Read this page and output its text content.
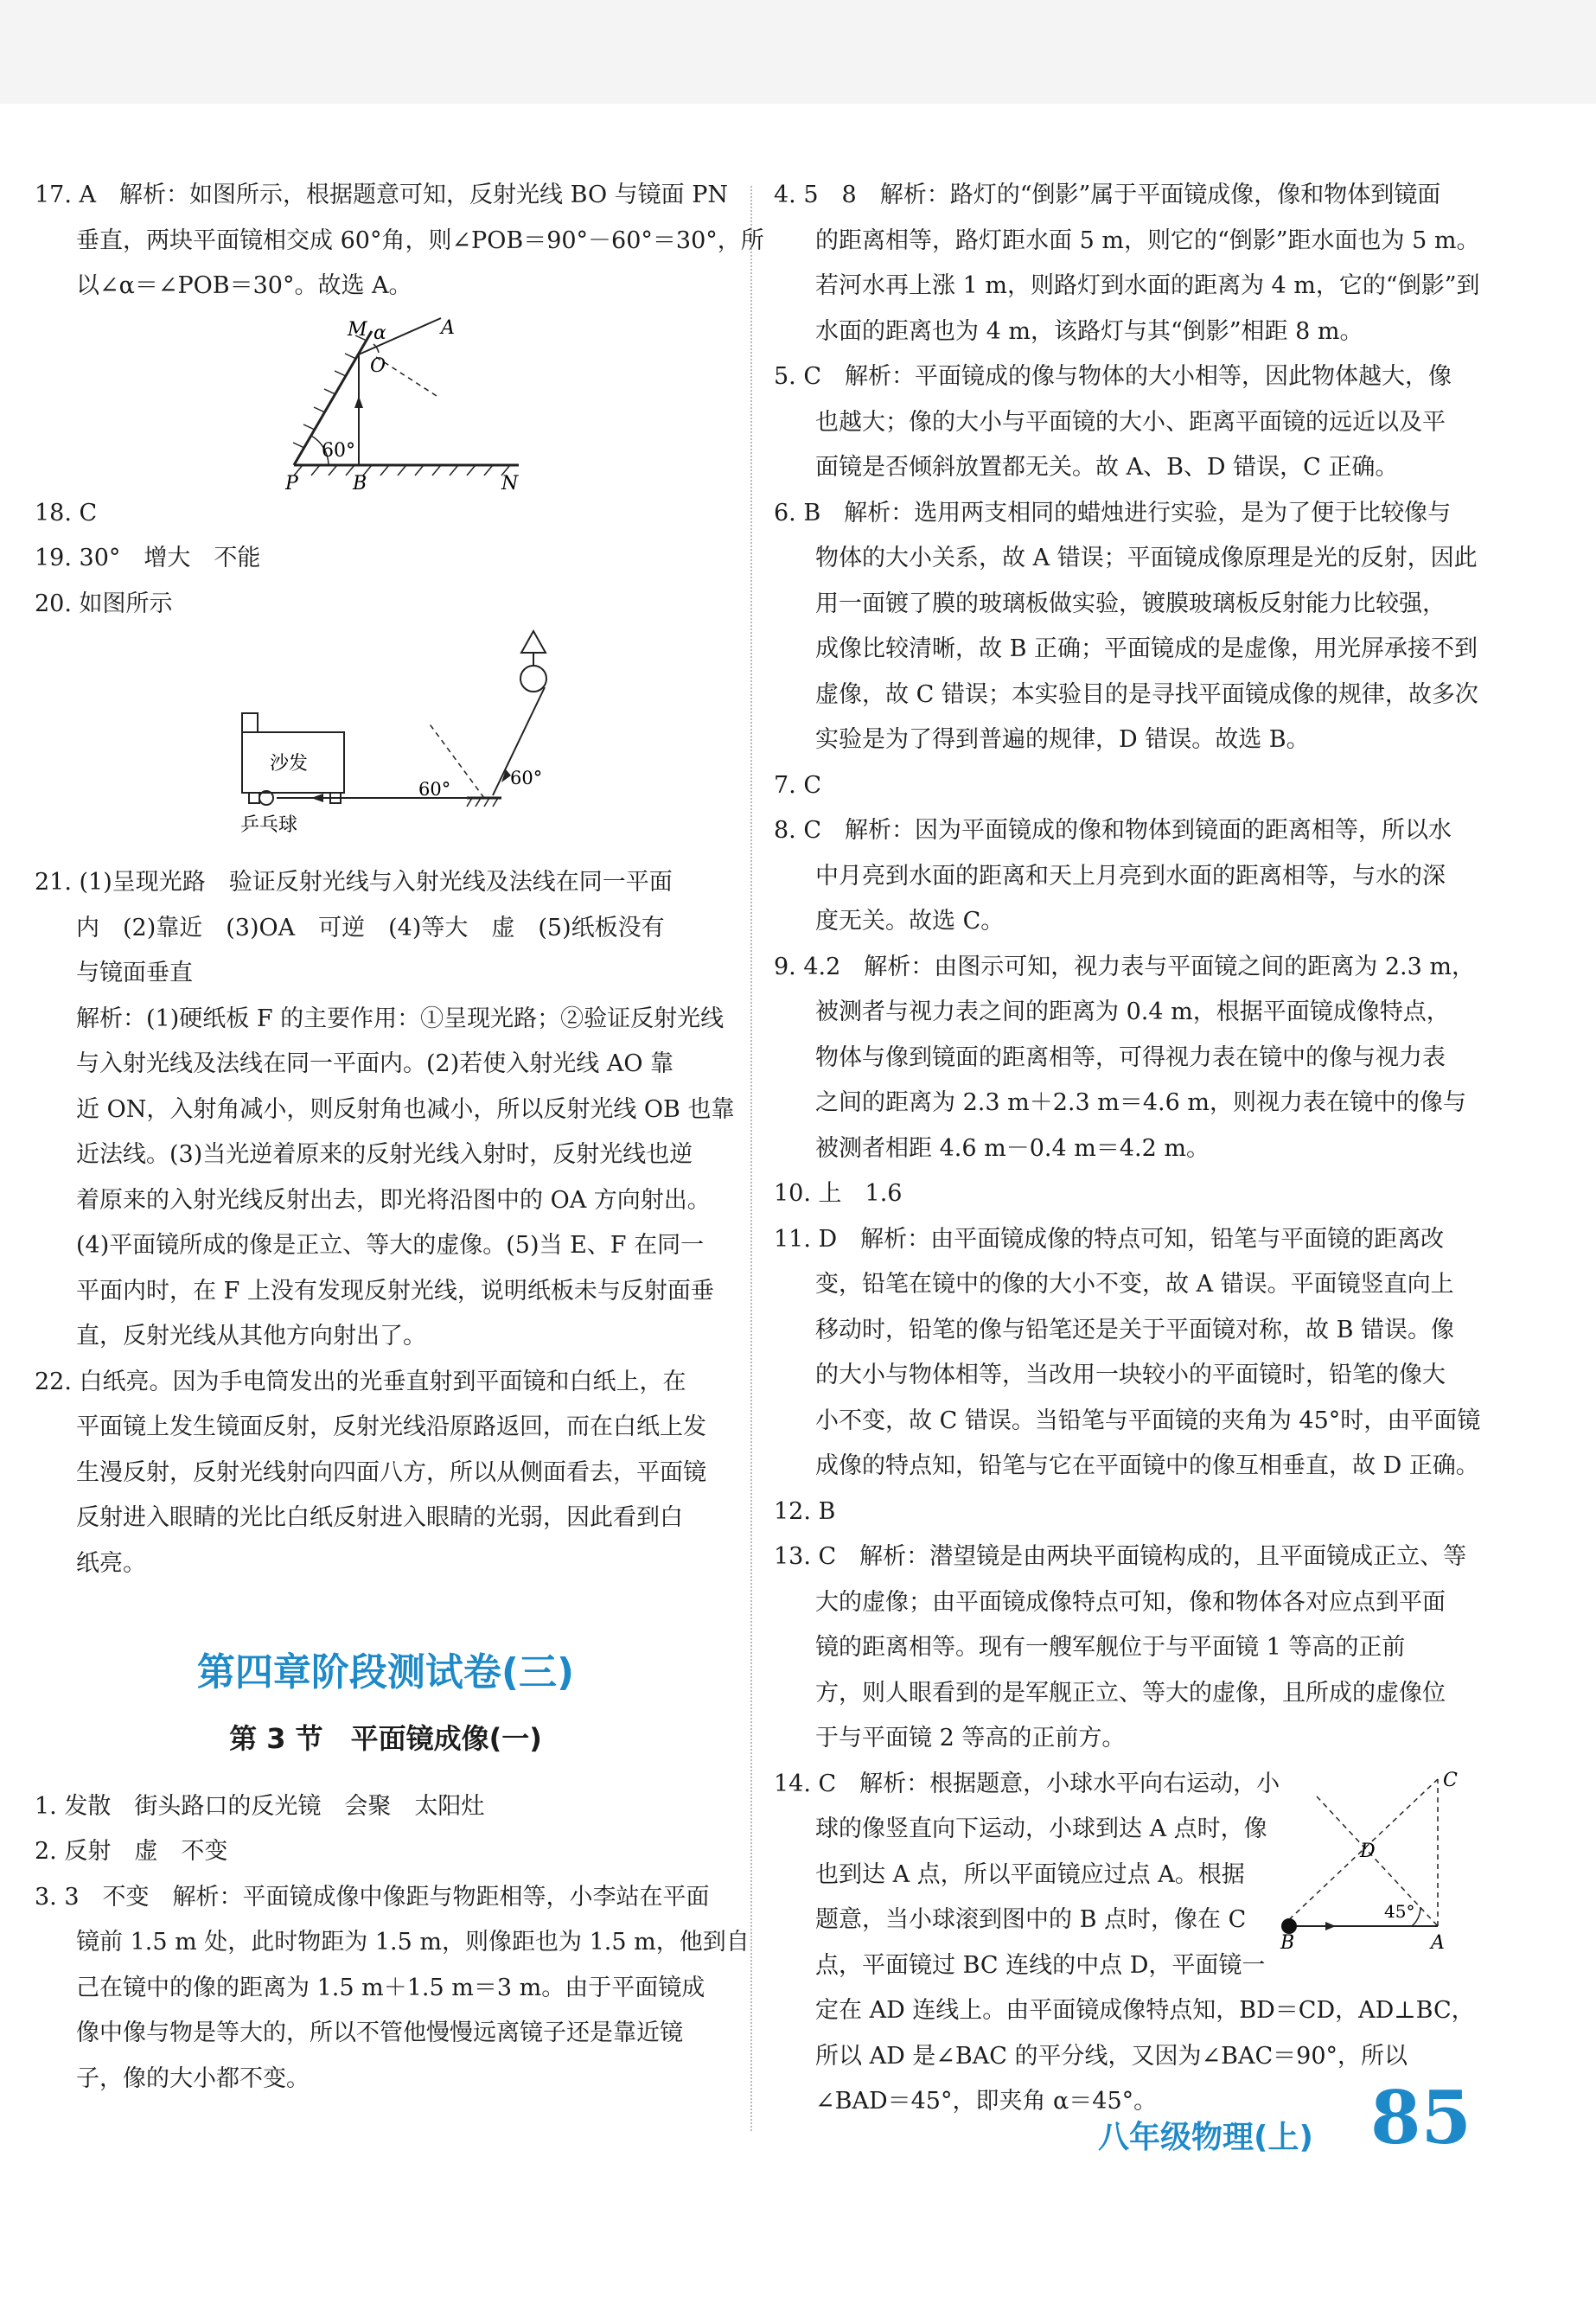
17. A　解析：如图所示，根据题意可知，反射光线 BO 与镜面 PN

垂直，两块平面镜相交成 60°角，则∠POB＝90°－60°＝30°，所

以∠α＝∠POB＝30°。故选 A。

M α	A
O
60°
P	B	N

18. C

19. 30°　增大　不能

20. 如图所示

沙发
60°
60°
乒乓球

21. (1)呈现光路　验证反射光线与入射光线及法线在同一平面

内　(2)靠近　(3)OA　可逆　(4)等大　虚　(5)纸板没有

与镜面垂直

解析：(1)硬纸板 F 的主要作用：①呈现光路；②验证反射光线

与入射光线及法线在同一平面内。(2)若使入射光线 AO 靠

近 ON，入射角减小，则反射角也减小，所以反射光线 OB 也靠

近法线。(3)当光逆着原来的反射光线入射时，反射光线也逆

着原来的入射光线反射出去，即光将沿图中的 OA 方向射出。

(4)平面镜所成的像是正立、等大的虚像。(5)当 E、F 在同一

平面内时，在 F 上没有发现反射光线，说明纸板未与反射面垂

直，反射光线从其他方向射出了。

22. 白纸亮。因为手电筒发出的光垂直射到平面镜和白纸上，在

平面镜上发生镜面反射，反射光线沿原路返回，而在白纸上发

生漫反射，反射光线射向四面八方，所以从侧面看去，平面镜

反射进入眼睛的光比白纸反射进入眼睛的光弱，因此看到白

纸亮。

第四章阶段测试卷(三)
第 3 节　平面镜成像(一)

1. 发散　街头路口的反光镜　会聚　太阳灶

2. 反射　虚　不变

3. 3　不变　解析：平面镜成像中像距与物距相等，小李站在平面

镜前 1.5 m 处，此时物距为 1.5 m，则像距也为 1.5 m，他到自

己在镜中的像的距离为 1.5 m＋1.5 m＝3 m。由于平面镜成

像中像与物是等大的，所以不管他慢慢远离镜子还是靠近镜

子，像的大小都不变。

4. 5　8　解析：路灯的“倒影”属于平面镜成像，像和物体到镜面

的距离相等，路灯距水面 5 m，则它的“倒影”距水面也为 5 m。

若河水再上涨 1 m，则路灯到水面的距离为 4 m，它的“倒影”到

水面的距离也为 4 m，该路灯与其“倒影”相距 8 m。

5. C　解析：平面镜成的像与物体的大小相等，因此物体越大，像

也越大；像的大小与平面镜的大小、距离平面镜的远近以及平

面镜是否倾斜放置都无关。故 A、B、D 错误，C 正确。

6. B　解析：选用两支相同的蜡烛进行实验，是为了便于比较像与

物体的大小关系，故 A 错误；平面镜成像原理是光的反射，因此

用一面镀了膜的玻璃板做实验，镀膜玻璃板反射能力比较强，

成像比较清晰，故 B 正确；平面镜成的是虚像，用光屏承接不到

虚像，故 C 错误；本实验目的是寻找平面镜成像的规律，故多次

实验是为了得到普遍的规律，D 错误。故选 B。

7. C

8. C　解析：因为平面镜成的像和物体到镜面的距离相等，所以水

中月亮到水面的距离和天上月亮到水面的距离相等，与水的深

度无关。故选 C。

9. 4.2　解析：由图示可知，视力表与平面镜之间的距离为 2.3 m，

被测者与视力表之间的距离为 0.4 m，根据平面镜成像特点，

物体与像到镜面的距离相等，可得视力表在镜中的像与视力表

之间的距离为 2.3 m＋2.3 m＝4.6 m，则视力表在镜中的像与

被测者相距 4.6 m－0.4 m＝4.2 m。

10. 上　1.6

11. D　解析：由平面镜成像的特点可知，铅笔与平面镜的距离改

变，铅笔在镜中的像的大小不变，故 A 错误。平面镜竖直向上

移动时，铅笔的像与铅笔还是关于平面镜对称，故 B 错误。像

的大小与物体相等，当改用一块较小的平面镜时，铅笔的像大

小不变，故 C 错误。当铅笔与平面镜的夹角为 45°时，由平面镜

成像的特点知，铅笔与它在平面镜中的像互相垂直，故 D 正确。

12. B

13. C　解析：潜望镜是由两块平面镜构成的，且平面镜成正立、等

大的虚像；由平面镜成像特点可知，像和物体各对应点到平面

镜的距离相等。现有一艘军舰位于与平面镜 1 等高的正前

方，则人眼看到的是军舰正立、等大的虚像，且所成的虚像位

于与平面镜 2 等高的正前方。

14. C　解析：根据题意，小球水平向右运动，小

球的像竖直向下运动，小球到达 A 点时，像

也到达 A 点，所以平面镜应过点 A。根据

题意，当小球滚到图中的 B 点时，像在 C

点，平面镜过 BC 连线的中点 D，平面镜一

定在 AD 连线上。由平面镜成像特点知，BD＝CD，AD⊥BC，

所以 AD 是∠BAC 的平分线，又因为∠BAC＝90°，所以

∠BAD＝45°，即夹角 α＝45°。

C
D
45°
B	A
八年级物理(上) 85
